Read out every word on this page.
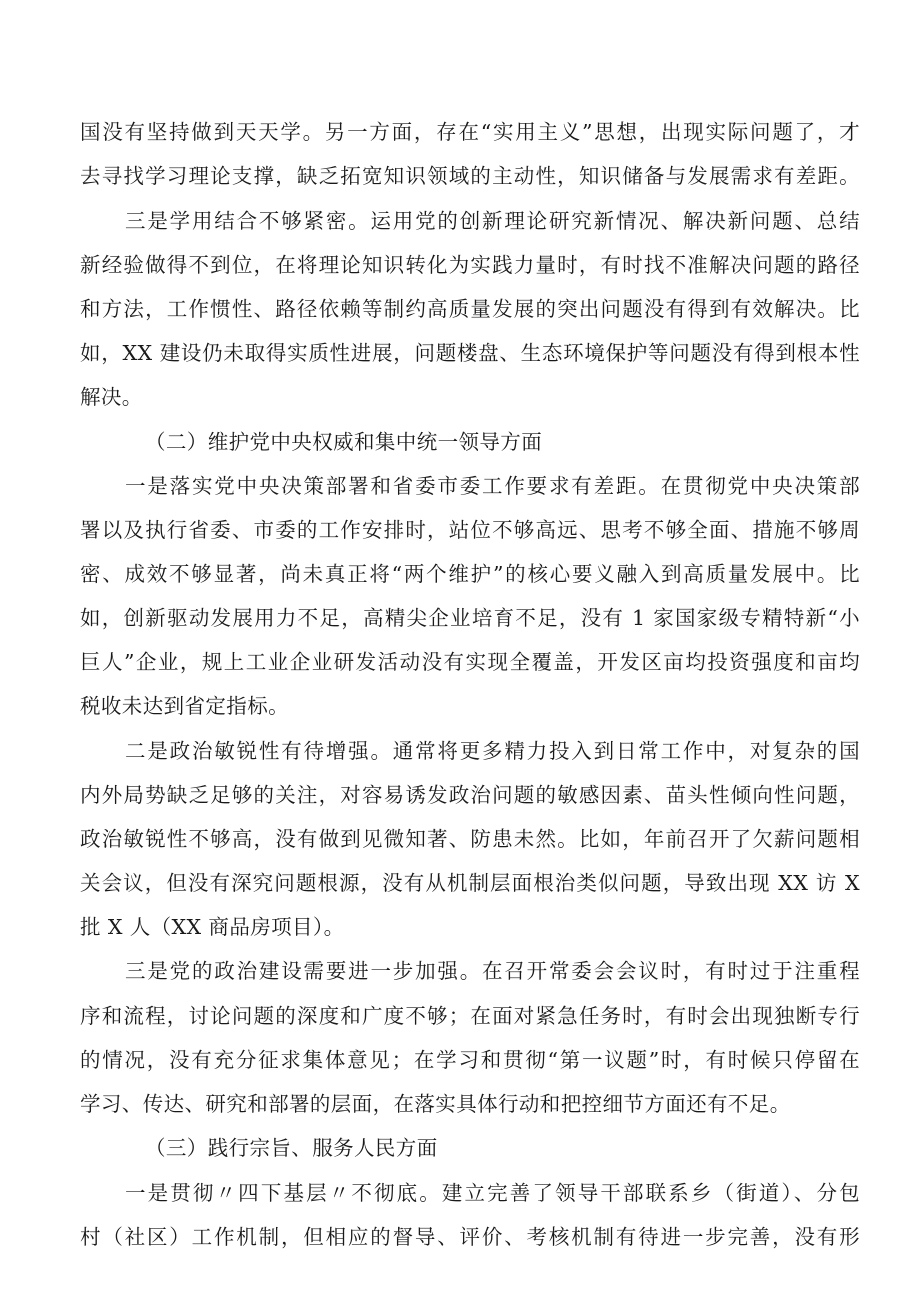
国没有坚持做到天天学。另一方面，存在“实用主义”思想，出现实际问题了，才
去寻找学习理论支撑，缺乏拓宽知识领域的主动性，知识储备与发展需求有差距。
三是学用结合不够紧密。运用党的创新理论研究新情况、解决新问题、总结
新经验做得不到位，在将理论知识转化为实践力量时，有时找不准解决问题的路径
和方法，工作惯性、路径依赖等制约高质量发展的突出问题没有得到有效解决。比
如，XX 建设仍未取得实质性进展，问题楼盘、生态环境保护等问题没有得到根本性
解决。
（二）维护党中央权威和集中统一领导方面
一是落实党中央决策部署和省委市委工作要求有差距。在贯彻党中央决策部
署以及执行省委、市委的工作安排时，站位不够高远、思考不够全面、措施不够周
密、成效不够显著，尚未真正将“两个维护”的核心要义融入到高质量发展中。比
如，创新驱动发展用力不足，高精尖企业培育不足，没有 1 家国家级专精特新“小
巨人”企业，规上工业企业研发活动没有实现全覆盖，开发区亩均投资强度和亩均
税收未达到省定指标。
二是政治敏锐性有待增强。通常将更多精力投入到日常工作中，对复杂的国
内外局势缺乏足够的关注，对容易诱发政治问题的敏感因素、苗头性倾向性问题，
政治敏锐性不够高，没有做到见微知著、防患未然。比如，年前召开了欠薪问题相
关会议，但没有深究问题根源，没有从机制层面根治类似问题，导致出现 XX 访 X
批 X 人（XX 商品房项目）。
三是党的政治建设需要进一步加强。在召开常委会会议时，有时过于注重程
序和流程，讨论问题的深度和广度不够；在面对紧急任务时，有时会出现独断专行
的情况，没有充分征求集体意见；在学习和贯彻“第一议题”时，有时候只停留在
学习、传达、研究和部署的层面，在落实具体行动和把控细节方面还有不足。
（三）践行宗旨、服务人民方面
一是贯彻〃四下基层〃不彻底。建立完善了领导干部联系乡（街道）、分包
村（社区）工作机制，但相应的督导、评价、考核机制有待进一步完善，没有形
